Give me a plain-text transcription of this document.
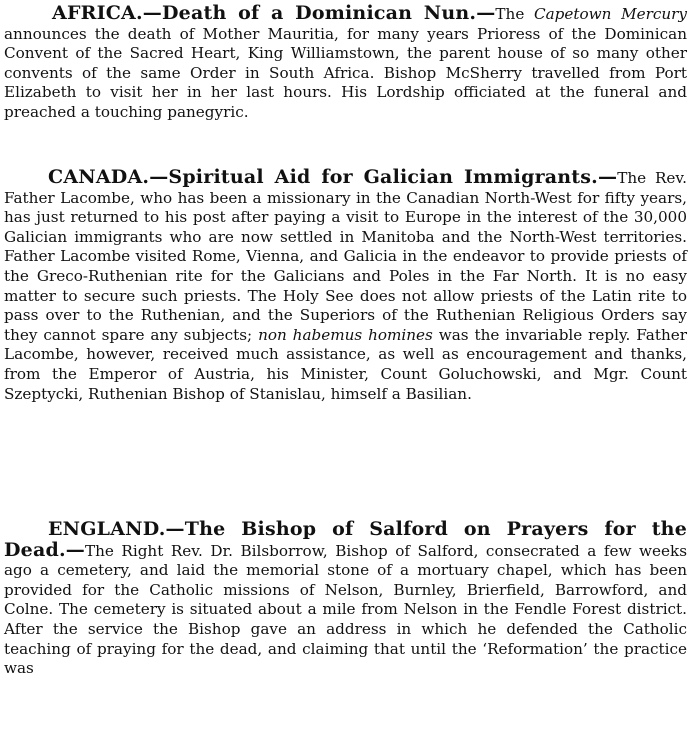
AFRICA.—Death of a Dominican Nun.—The Capetown Mercury announces the death of Mother Mauritia, for many years Prioress of the Dominican Convent of the Sacred Heart, King Williamstown, the parent house of so many other convents of the same Order in South Africa. Bishop McSherry travelled from Port Elizabeth to visit her in her last hours. His Lordship officiated at the funeral and preached a touching panegyric.

CANADA.—Spiritual Aid for Galician Immigrants.—The Rev. Father Lacombe, who has been a missionary in the Canadian North-West for fifty years, has just returned to his post after paying a visit to Europe in the interest of the 30,000 Galician immigrants who are now settled in Manitoba and the North-West territories. Father Lacombe visited Rome, Vienna, and Galicia in the endeavor to provide priests of the Greco-Ruthenian rite for the Galicians and Poles in the Far North. It is no easy matter to secure such priests. The Holy See does not allow priests of the Latin rite to pass over to the Ruthenian, and the Superiors of the Ruthenian Religious Orders say they cannot spare any subjects; non habemus homines was the invariable reply. Father Lacombe, however, received much assistance, as well as encouragement and thanks, from the Emperor of Austria, his Minister, Count Goluchowski, and Mgr. Count Szeptycki, Ruthenian Bishop of Stanislau, himself a Basilian.

ENGLAND.—The Bishop of Salford on Prayers for the Dead.—The Right Rev. Dr. Bilsborrow, Bishop of Salford, consecrated a few weeks ago a cemetery, and laid the memorial stone of a mortuary chapel, which has been provided for the Catholic missions of Nelson, Burnley, Brierfield, Barrowford, and Colne. The cemetery is situated about a mile from Nelson in the Fendle Forest district. After the service the Bishop gave an address in which he defended the Catholic teaching of praying for the dead, and claiming that until the ‘Reformation’ the practice was
